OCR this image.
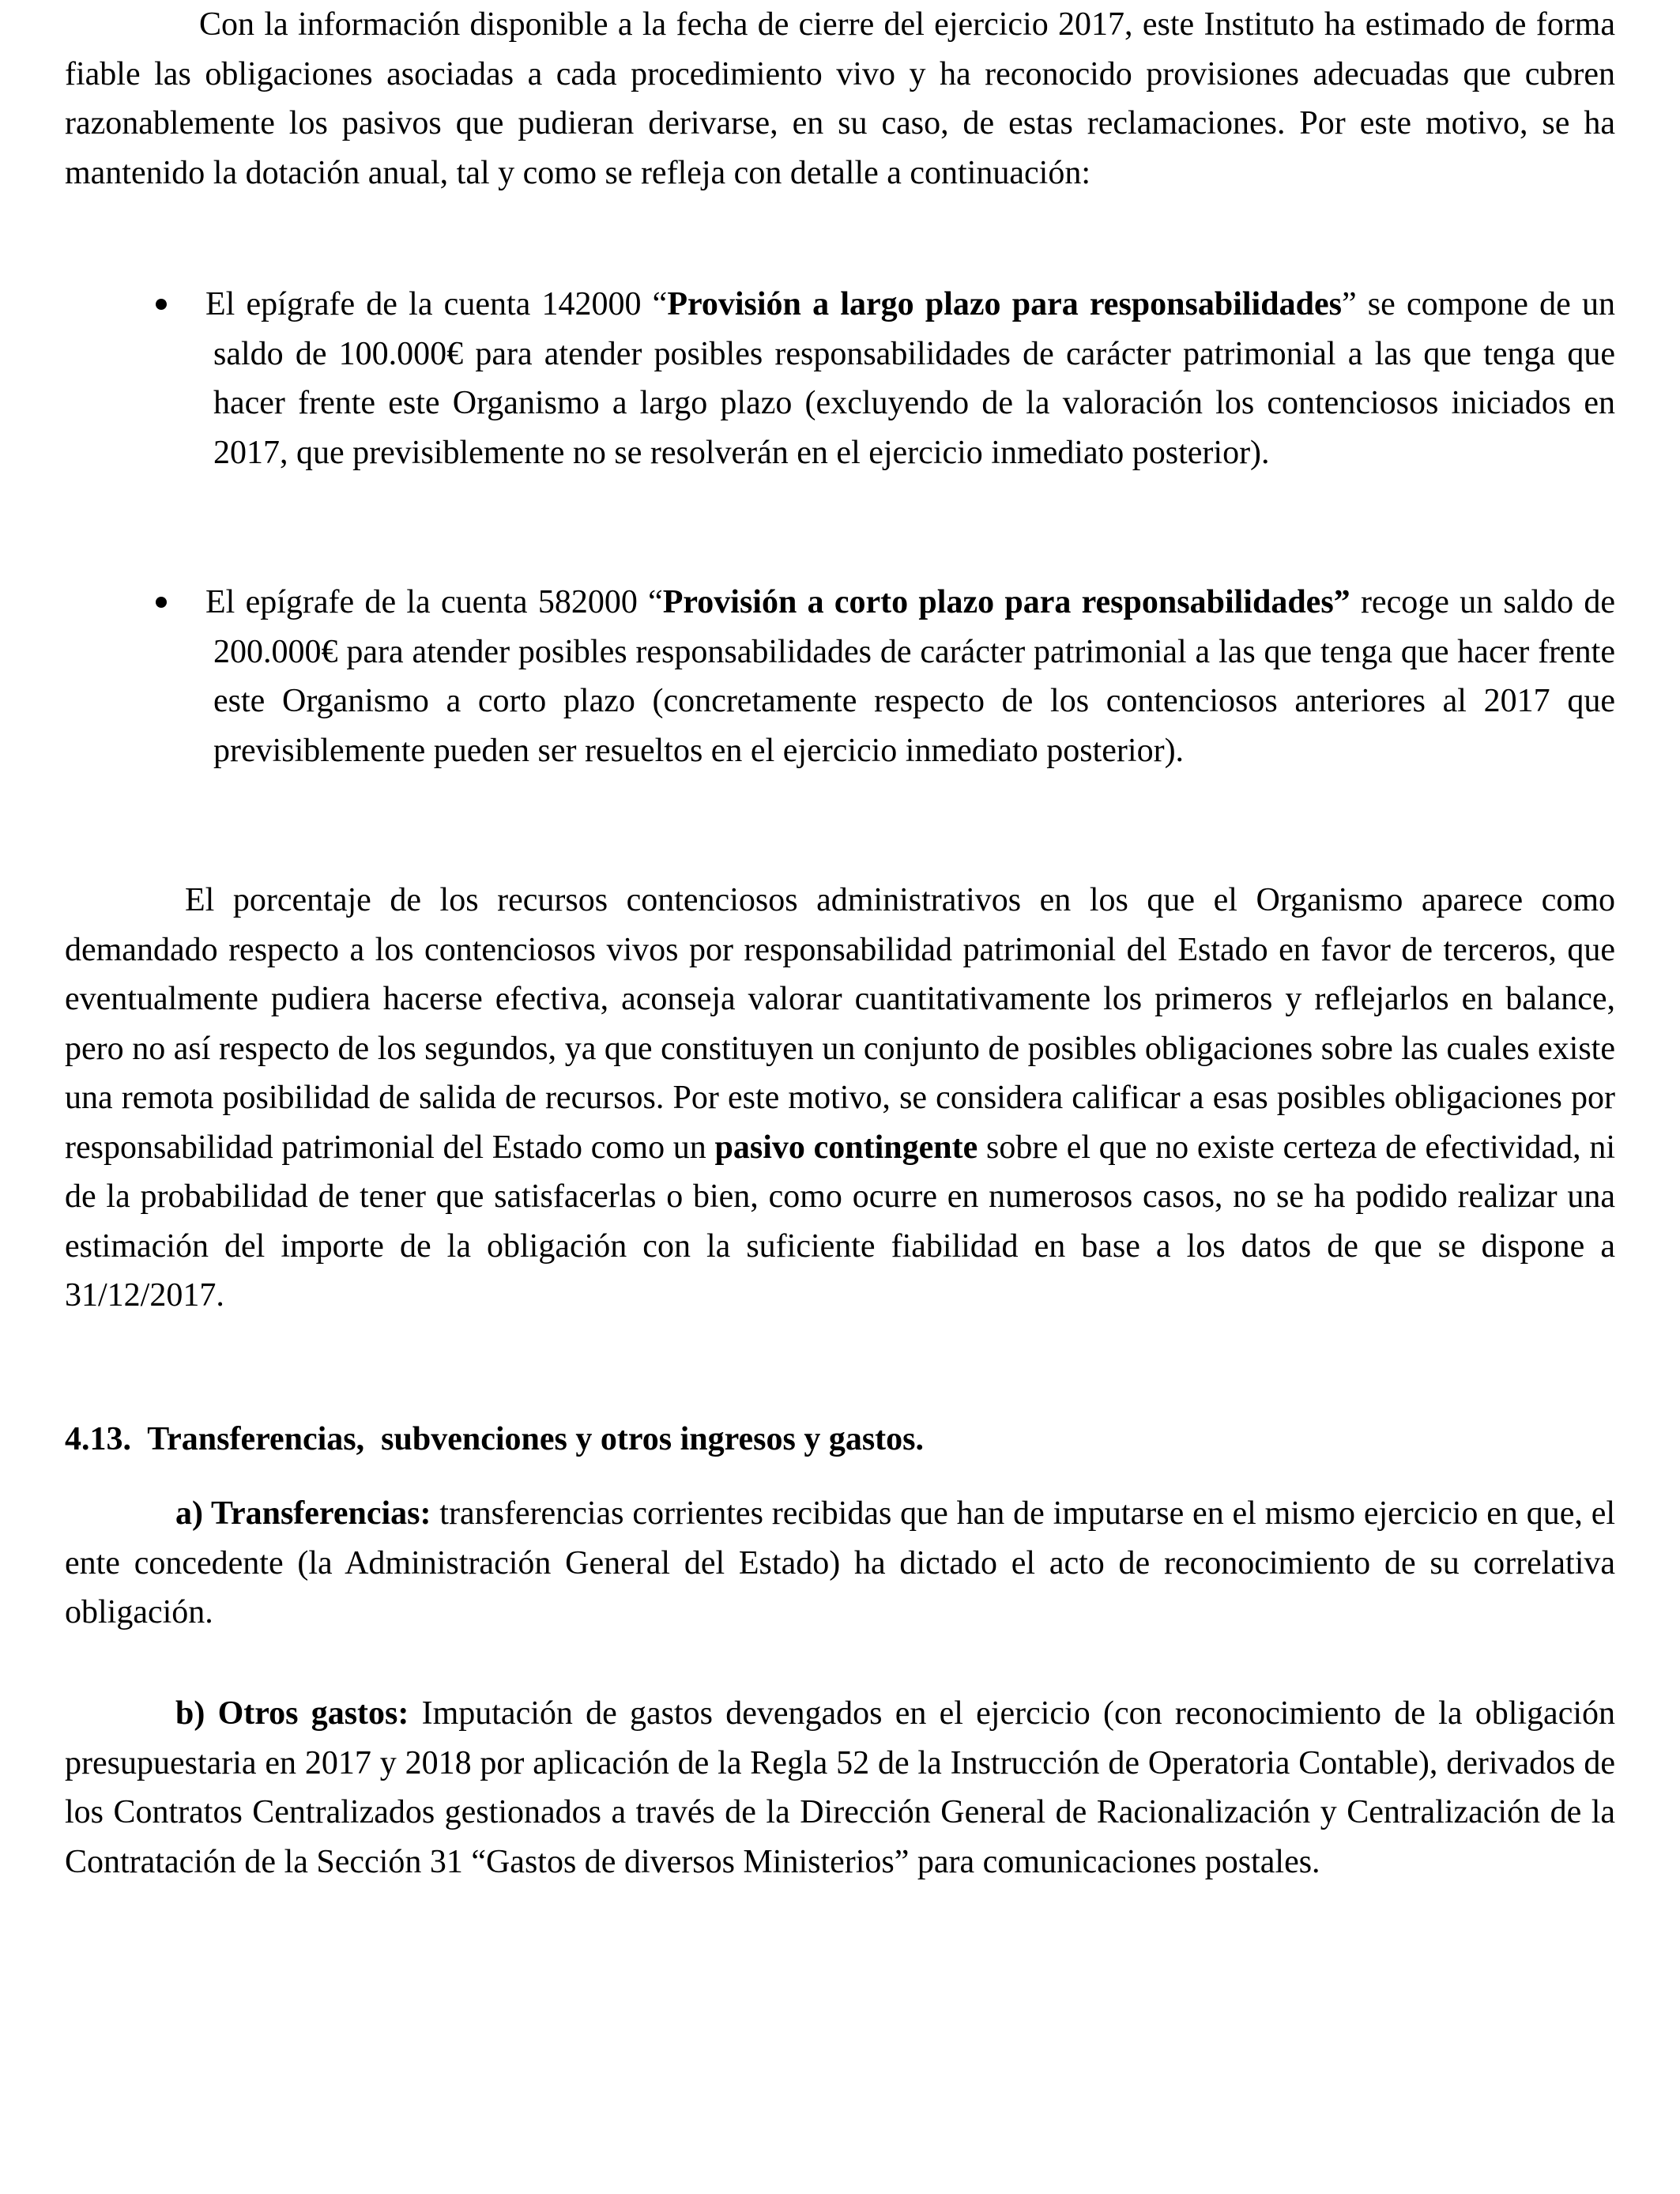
Con la información disponible a la fecha de cierre del ejercicio 2017, este Instituto ha estimado de forma fiable las obligaciones asociadas a cada procedimiento vivo y ha reconocido provisiones adecuadas que cubren razonablemente los pasivos que pudieran derivarse, en su caso, de estas reclamaciones. Por este motivo, se ha mantenido la dotación anual, tal y como se refleja con detalle a continuación:

El epígrafe de la cuenta 142000 “Provisión a largo plazo para responsabilidades” se compone de un saldo de 100.000€ para atender posibles responsabilidades de carácter patrimonial a las que tenga que hacer frente este Organismo a largo plazo (excluyendo de la valoración los contenciosos iniciados en 2017, que previsiblemente no se resolverán en el ejercicio inmediato posterior).
El epígrafe de la cuenta 582000 “Provisión a corto plazo para responsabilidades” recoge un saldo de 200.000€ para atender posibles responsabilidades de carácter patrimonial a las que tenga que hacer frente este Organismo a corto plazo (concretamente respecto de los contenciosos anteriores al 2017 que previsiblemente pueden ser resueltos en el ejercicio inmediato posterior).

El porcentaje de los recursos contenciosos administrativos en los que el Organismo aparece como demandado respecto a los contenciosos vivos por responsabilidad patrimonial del Estado en favor de terceros, que eventualmente pudiera hacerse efectiva, aconseja valorar cuantitativamente los primeros y reflejarlos en balance, pero no así respecto de los segundos, ya que constituyen un conjunto de posibles obligaciones sobre las cuales existe una remota posibilidad de salida de recursos. Por este motivo, se considera calificar a esas posibles obligaciones por responsabilidad patrimonial del Estado como un pasivo contingente sobre el que no existe certeza de efectividad, ni de la probabilidad de tener que satisfacerlas o bien, como ocurre en numerosos casos, no se ha podido realizar una estimación del importe de la obligación con la suficiente fiabilidad en base a los datos de que se dispone a 31/12/2017.

4.13.  Transferencias,  subvenciones y otros ingresos y gastos.

a) Transferencias: transferencias corrientes recibidas que han de imputarse en el mismo ejercicio en que, el ente concedente (la Administración General del Estado) ha dictado el acto de reconocimiento de su correlativa obligación.

b) Otros gastos: Imputación de gastos devengados en el ejercicio (con reconocimiento de la obligación presupuestaria en 2017 y 2018 por aplicación de la Regla 52 de la Instrucción de Operatoria Contable), derivados de los Contratos Centralizados gestionados a través de la Dirección General de Racionalización y Centralización de la Contratación de la Sección 31 “Gastos de diversos Ministerios” para comunicaciones postales.
